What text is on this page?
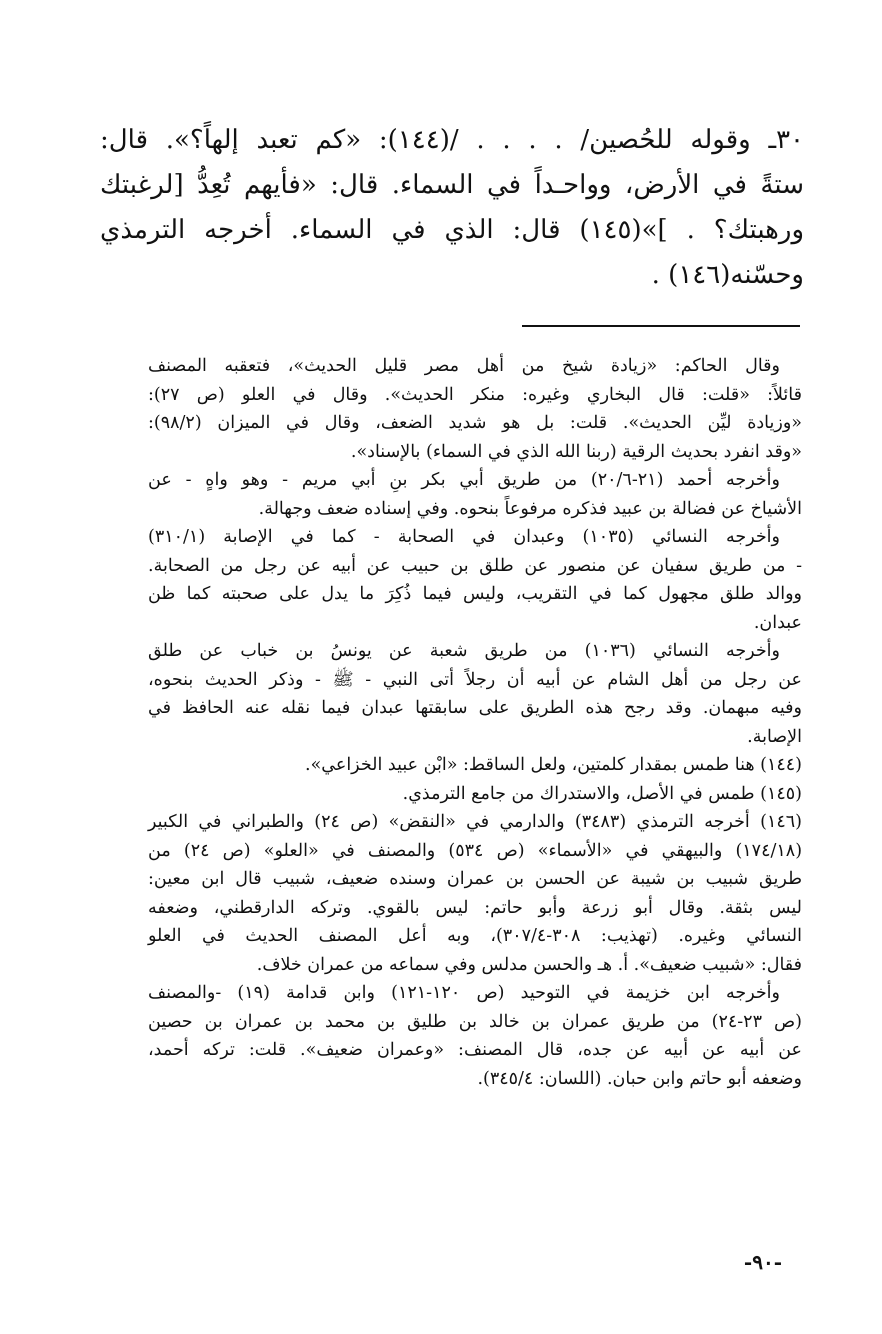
٣٠ـ وقوله للحُصين/ . . . . /(١٤٤): «كم تعبد إلهاً؟». قال:
ستةً في الأرض، وواحـداً في السماء. قال: «فأيهم تُعِدُّ [لرغبتك
ورهبتك؟ . ]»(١٤٥) قال: الذي في السماء. أخرجه الترمذي
وحسّنه(١٤٦) .
وقال الحاكم: «زيادة شيخ من أهل مصر قليل الحديث»، فتعقبه المصنف
قائلاً: «قلت: قال البخاري وغيره: منكر الحديث». وقال في العلو (ص ٢٧):
«وزيادة ليِّن الحديث». قلت: بل هو شديد الضعف، وقال في الميزان (٩٨/٢):
«وقد انفرد بحديث الرقية (ربنا الله الذي في السماء) بالإسناد».
وأخرجه أحمد (٢١-٢٠/٦) من طريق أبي بكر بنِ أبي مريم - وهو واهٍ - عن
الأشياخ عن فضالة بن عبيد فذكره مرفوعاً بنحوه. وفي إسناده ضعف وجهالة.
وأخرجه النسائي (١٠٣٥) وعبدان في الصحابة - كما في الإصابة (٣١٠/١)
- من طريق سفيان عن منصور عن طلق بن حبيب عن أبيه عن رجل من الصحابة.
ووالد طلق مجهول كما في التقريب، وليس فيما ذُكِرَ ما يدل على صحبته كما ظن
عبدان.
وأخرجه النسائي (١٠٣٦) من طريق شعبة عن يونسُ بن خباب عن طلق
عن رجل من أهل الشام عن أبيه أن رجلاً أتى النبي - ﷺ - وذكر الحديث بنحوه،
وفيه مبهمان. وقد رجح هذه الطريق على سابقتها عبدان فيما نقله عنه الحافظ في
الإصابة.
(١٤٤) هنا طمس بمقدار كلمتين، ولعل الساقط: «ابْن عبيد الخزاعي».
(١٤٥) طمس في الأصل، والاستدراك من جامع الترمذي.
(١٤٦) أخرجه الترمذي (٣٤٨٣) والدارمي في «النقض» (ص ٢٤) والطبراني في الكبير
(١٧٤/١٨) والبيهقي في «الأسماء» (ص ٥٣٤) والمصنف في «العلو» (ص ٢٤) من
طريق شبيب بن شيبة عن الحسن بن عمران وسنده ضعيف، شبيب قال ابن معين:
ليس بثقة. وقال أبو زرعة وأبو حاتم: ليس بالقوي. وتركه الدارقطني، وضعفه
النسائي وغيره. (تهذيب: ٣٠٨-٣٠٧/٤)، وبه أعل المصنف الحديث في العلو
فقال: «شبيب ضعيف». أ. هـ والحسن مدلس وفي سماعه من عمران خلاف.
وأخرجه ابن خزيمة في التوحيد (ص ١٢٠-١٢١) وابن قدامة (١٩) -والمصنف
(ص ٢٣-٢٤) من طريق عمران بن خالد بن طليق بن محمد بن عمران بن حصين
عن أبيه عن أبيه عن جده، قال المصنف: «وعمران ضعيف». قلت: تركه أحمد،
وضعفه أبو حاتم وابن حبان. (اللسان: ٣٤٥/٤).
-٩٠-
